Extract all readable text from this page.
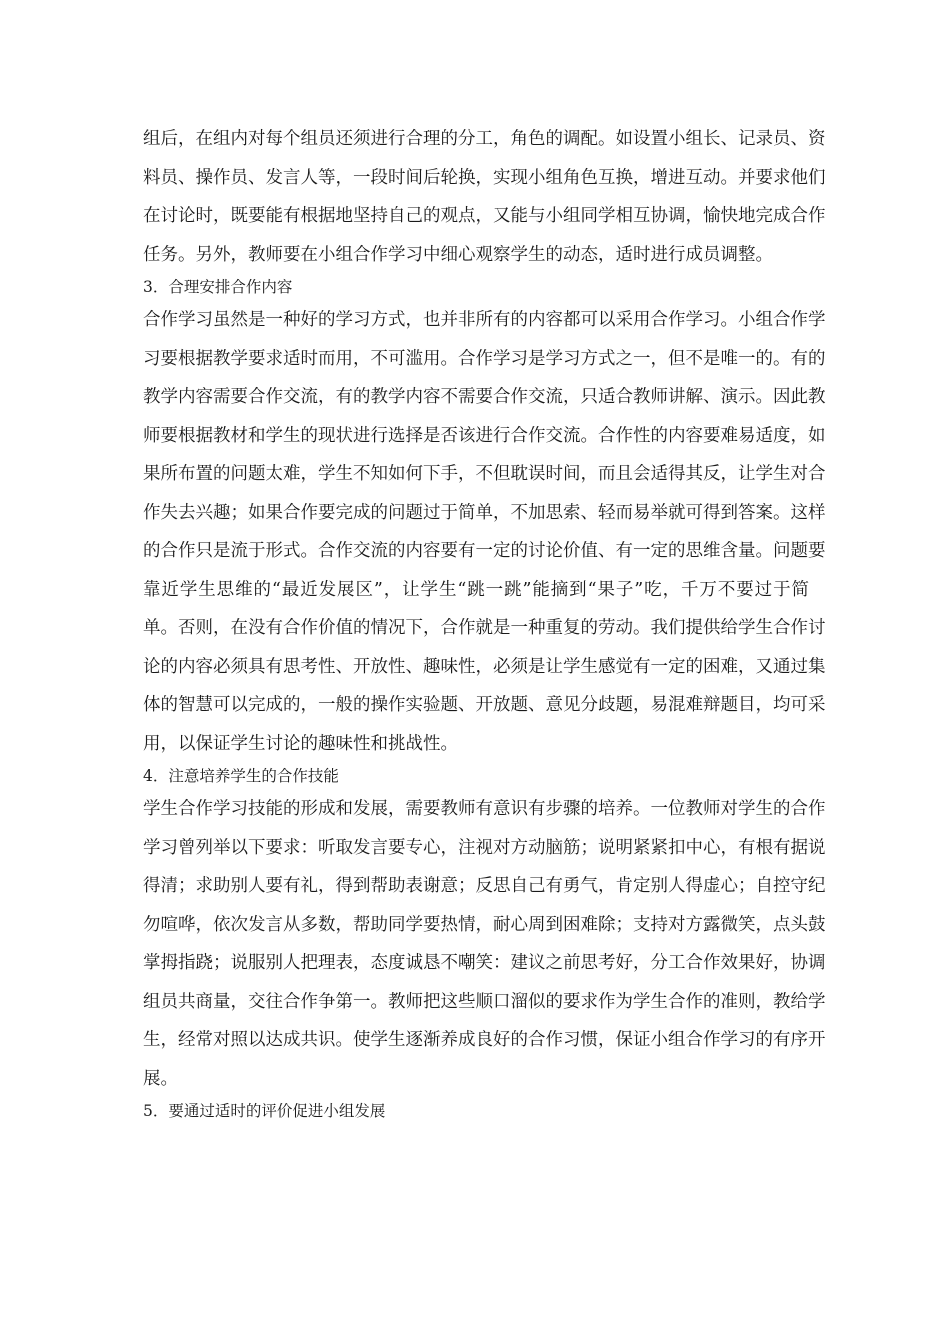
组后，在组内对每个组员还须进行合理的分工，角色的调配。如设置小组长、记录员、资
料员、操作员、发言人等，一段时间后轮换，实现小组角色互换，增进互动。并要求他们
在讨论时，既要能有根据地坚持自己的观点，又能与小组同学相互协调，愉快地完成合作
任务。另外，教师要在小组合作学习中细心观察学生的动态，适时进行成员调整。
3．合理安排合作内容
合作学习虽然是一种好的学习方式，也并非所有的内容都可以采用合作学习。小组合作学
习要根据教学要求适时而用，不可滥用。合作学习是学习方式之一，但不是唯一的。有的
教学内容需要合作交流，有的教学内容不需要合作交流，只适合教师讲解、演示。因此教
师要根据教材和学生的现状进行选择是否该进行合作交流。合作性的内容要难易适度，如
果所布置的问题太难，学生不知如何下手，不但耽误时间，而且会适得其反，让学生对合
作失去兴趣；如果合作要完成的问题过于简单，不加思索、轻而易举就可得到答案。这样
的合作只是流于形式。合作交流的内容要有一定的讨论价值、有一定的思维含量。问题要
靠近学生思维的“最近发展区”，让学生“跳一跳”能摘到“果子”吃，千万不要过于简
单。否则，在没有合作价值的情况下，合作就是一种重复的劳动。我们提供给学生合作讨
论的内容必须具有思考性、开放性、趣味性，必须是让学生感觉有一定的困难，又通过集
体的智慧可以完成的，一般的操作实验题、开放题、意见分歧题，易混难辩题目，均可采
用，以保证学生讨论的趣味性和挑战性。
4．注意培养学生的合作技能
学生合作学习技能的形成和发展，需要教师有意识有步骤的培养。一位教师对学生的合作
学习曾列举以下要求：听取发言要专心，注视对方动脑筋；说明紧紧扣中心，有根有据说
得清；求助别人要有礼，得到帮助表谢意；反思自己有勇气，肯定别人得虚心；自控守纪
勿喧哗，依次发言从多数，帮助同学要热情，耐心周到困难除；支持对方露微笑，点头鼓
掌拇指跷；说服别人把理表，态度诚恳不嘲笑：建议之前思考好，分工合作效果好，协调
组员共商量，交往合作争第一。教师把这些顺口溜似的要求作为学生合作的准则，教给学
生，经常对照以达成共识。使学生逐渐养成良好的合作习惯，保证小组合作学习的有序开
展。
5．要通过适时的评价促进小组发展
